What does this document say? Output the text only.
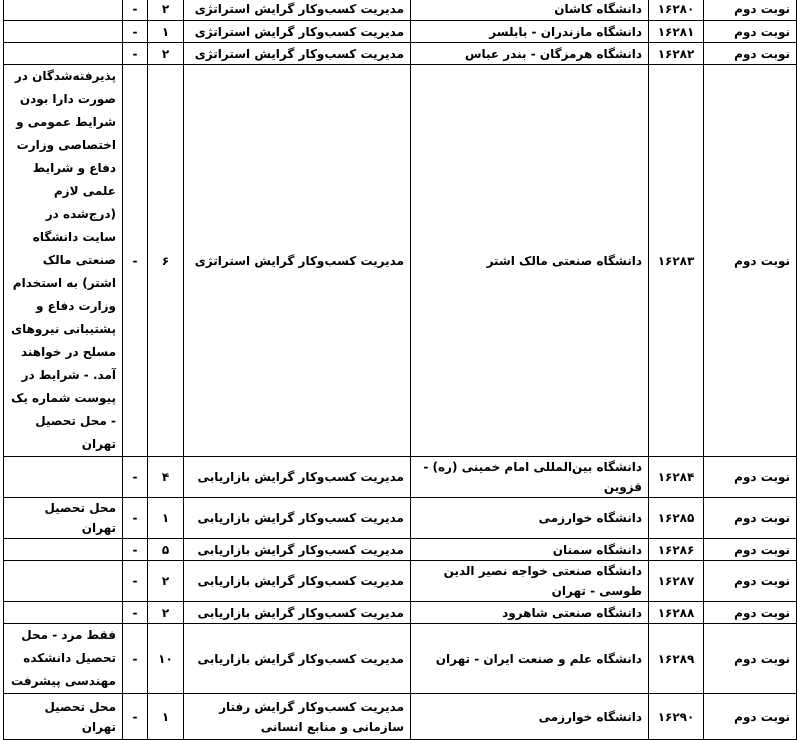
نوبت دوم	۱۶۲۸۰	دانشگاه کاشان	مدیریت کسب‌وکار گرایش استراتژی	۲	-	
نوبت دوم	۱۶۲۸۱	دانشگاه مازندران - بابلسر	مدیریت کسب‌وکار گرایش استراتژی	۱	-	
نوبت دوم	۱۶۲۸۲	دانشگاه هرمزگان - بندر عباس	مدیریت کسب‌وکار گرایش استراتژی	۲	-	
نوبت دوم	۱۶۲۸۳	دانشگاه صنعتی مالک اشتر	مدیریت کسب‌وکار گرایش استراتژی	۶	-	پذیرفته‌شدگان در صورت دارا بودن شرایط عمومی و اختصاصی وزارت دفاع و شرایط علمی لازم (درج‌شده در سایت دانشگاه صنعتی مالک اشتر) به استخدام وزارت دفاع و پشتیبانی نیروهای مسلح در خواهند آمد. - شرایط در پیوست شماره یک - محل تحصیل تهران
نوبت دوم	۱۶۲۸۴	دانشگاه بین‌المللی امام خمینی (ره) - قزوین	مدیریت کسب‌وکار گرایش بازاریابی	۴	-	
نوبت دوم	۱۶۲۸۵	دانشگاه خوارزمی	مدیریت کسب‌وکار گرایش بازاریابی	۱	-	محل تحصیل تهران
نوبت دوم	۱۶۲۸۶	دانشگاه سمنان	مدیریت کسب‌وکار گرایش بازاریابی	۵	-	
نوبت دوم	۱۶۲۸۷	دانشگاه صنعتی خواجه نصیر الدین طوسی - تهران	مدیریت کسب‌وکار گرایش بازاریابی	۲	-	
نوبت دوم	۱۶۲۸۸	دانشگاه صنعتی شاهرود	مدیریت کسب‌وکار گرایش بازاریابی	۲	-	
نوبت دوم	۱۶۲۸۹	دانشگاه علم و صنعت ایران - تهران	مدیریت کسب‌وکار گرایش بازاریابی	۱۰	-	فقط مرد - محل تحصیل دانشکده مهندسی پیشرفت
نوبت دوم	۱۶۲۹۰	دانشگاه خوارزمی	مدیریت کسب‌وکار گرایش رفتار سازمانی و منابع انسانی	۱	-	محل تحصیل تهران
